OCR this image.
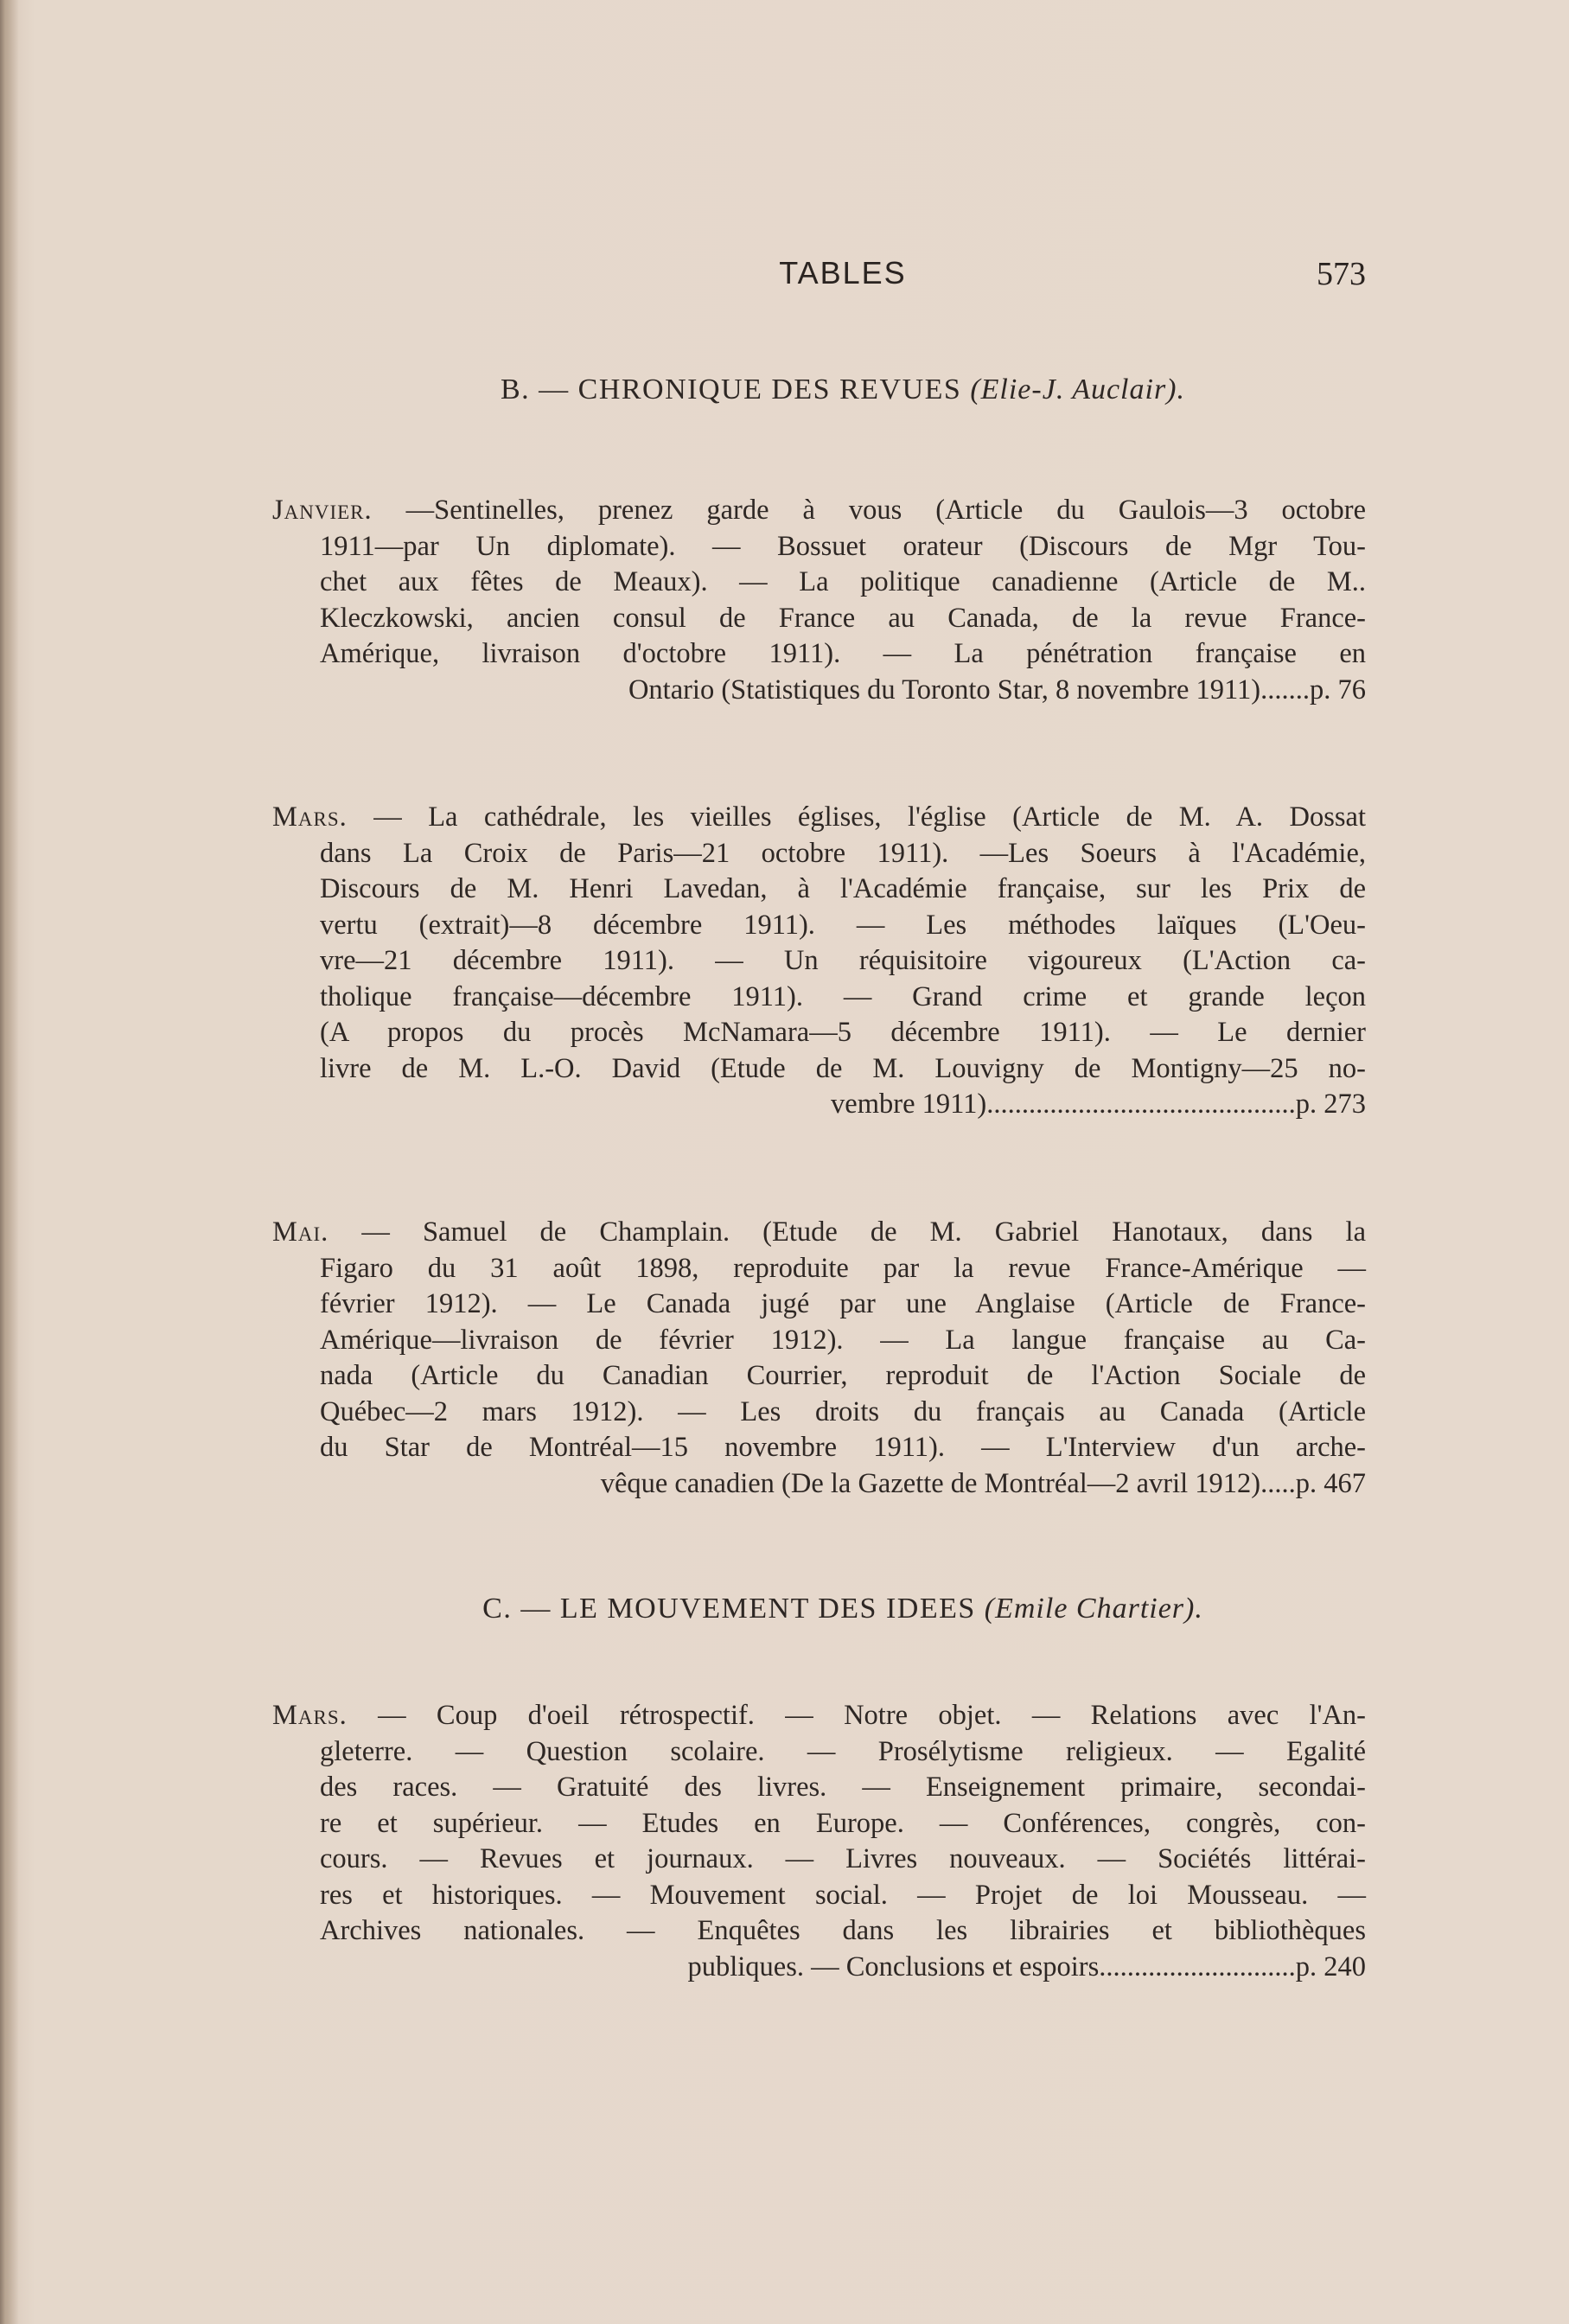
TABLES	573
B. — CHRONIQUE DES REVUES (Elie-J. Auclair).
Janvier. —Sentinelles, prenez garde à vous (Article du Gaulois—3 octobre
1911—par Un diplomate). — Bossuet orateur (Discours de Mgr Tou-
chet aux fêtes de Meaux). — La politique canadienne (Article de M..
Kleczkowski, ancien consul de France au Canada, de la revue France-
Amérique, livraison d'octobre 1911). — La pénétration française en
Ontario (Statistiques du Toronto Star, 8 novembre 1911).......p. 76
Mars. — La cathédrale, les vieilles églises, l'église (Article de M. A. Dossat
dans La Croix de Paris—21 octobre 1911). —Les Soeurs à l'Académie,
Discours de M. Henri Lavedan, à l'Académie française, sur les Prix de
vertu (extrait)—8 décembre 1911). — Les méthodes laïques (L'Oeu-
vre—21 décembre 1911). — Un réquisitoire vigoureux (L'Action ca-
tholique française—décembre 1911). — Grand crime et grande leçon
(A propos du procès McNamara—5 décembre 1911). — Le dernier
livre de M. L.-O. David (Etude de M. Louvigny de Montigny—25 no-
vembre 1911)............................................p. 273
Mai. — Samuel de Champlain. (Etude de M. Gabriel Hanotaux, dans la
Figaro du 31 août 1898, reproduite par la revue France-Amérique —
février 1912). — Le Canada jugé par une Anglaise (Article de France-
Amérique—livraison de février 1912). — La langue française au Ca-
nada (Article du Canadian Courrier, reproduit de l'Action Sociale de
Québec—2 mars 1912). — Les droits du français au Canada (Article
du Star de Montréal—15 novembre 1911). — L'Interview d'un arche-
vêque canadien (De la Gazette de Montréal—2 avril 1912).....p. 467
C. — LE MOUVEMENT DES IDEES (Emile Chartier).
Mars. — Coup d'oeil rétrospectif. — Notre objet. — Relations avec l'An-
gleterre. — Question scolaire. — Prosélytisme religieux. — Egalité
des races. — Gratuité des livres. — Enseignement primaire, secondai-
re et supérieur. — Etudes en Europe. — Conférences, congrès, con-
cours. — Revues et journaux. — Livres nouveaux. — Sociétés littérai-
res et historiques. — Mouvement social. — Projet de loi Mousseau. —
Archives nationales. — Enquêtes dans les librairies et bibliothèques
publiques. — Conclusions et espoirs............................p. 240
